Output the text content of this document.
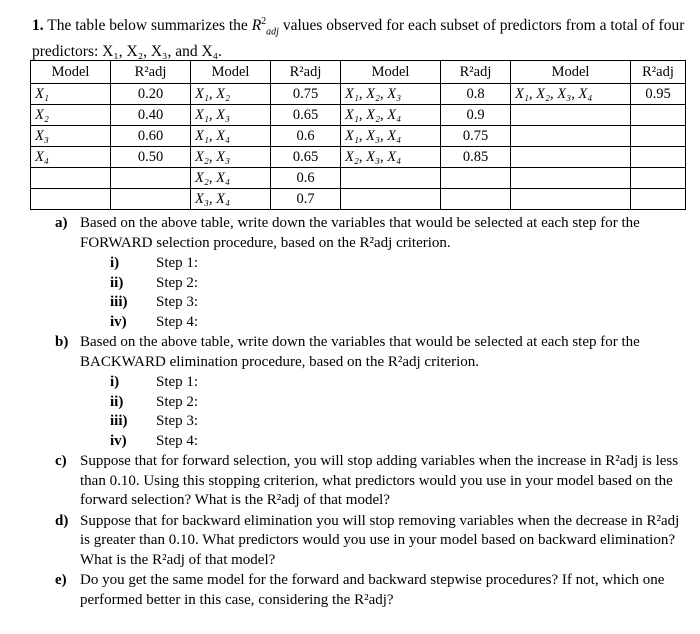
1. The table below summarizes the $R^2_{adj}$ values observed for each subset of predictors from a total of four predictors: X₁, X₂, X₃, and X₄.
Model	R²adj	Model	R²adj	Model	R²adj	Model	R²adj
X₁	0.20	X₁, X₂	0.75	X₁, X₂, X₃	0.8	X₁, X₂, X₃, X₄	0.95
X₂	0.40	X₁, X₃	0.65	X₁, X₂, X₄	0.9		
X₃	0.60	X₁, X₄	0.6	X₁, X₃, X₄	0.75		
X₄	0.50	X₂, X₃	0.65	X₂, X₃, X₄	0.85		
		X₂, X₄	0.6				
		X₃, X₄	0.7				
a) Based on the above table, write down the variables that would be selected at each step for the FORWARD selection procedure, based on the R²adj criterion.
i) Step 1:
ii) Step 2:
iii) Step 3:
iv) Step 4:
b) Based on the above table, write down the variables that would be selected at each step for the BACKWARD elimination procedure, based on the R²adj criterion.
i) Step 1:
ii) Step 2:
iii) Step 3:
iv) Step 4:
c) Suppose that for forward selection, you will stop adding variables when the increase in R²adj is less than 0.10. Using this stopping criterion, what predictors would you use in your model based on the forward selection? What is the R²adj of that model?
d) Suppose that for backward elimination you will stop removing variables when the decrease in R²adj is greater than 0.10. What predictors would you use in your model based on backward elimination? What is the R²adj of that model?
e) Do you get the same model for the forward and backward stepwise procedures? If not, which one performed better in this case, considering the R²adj?
